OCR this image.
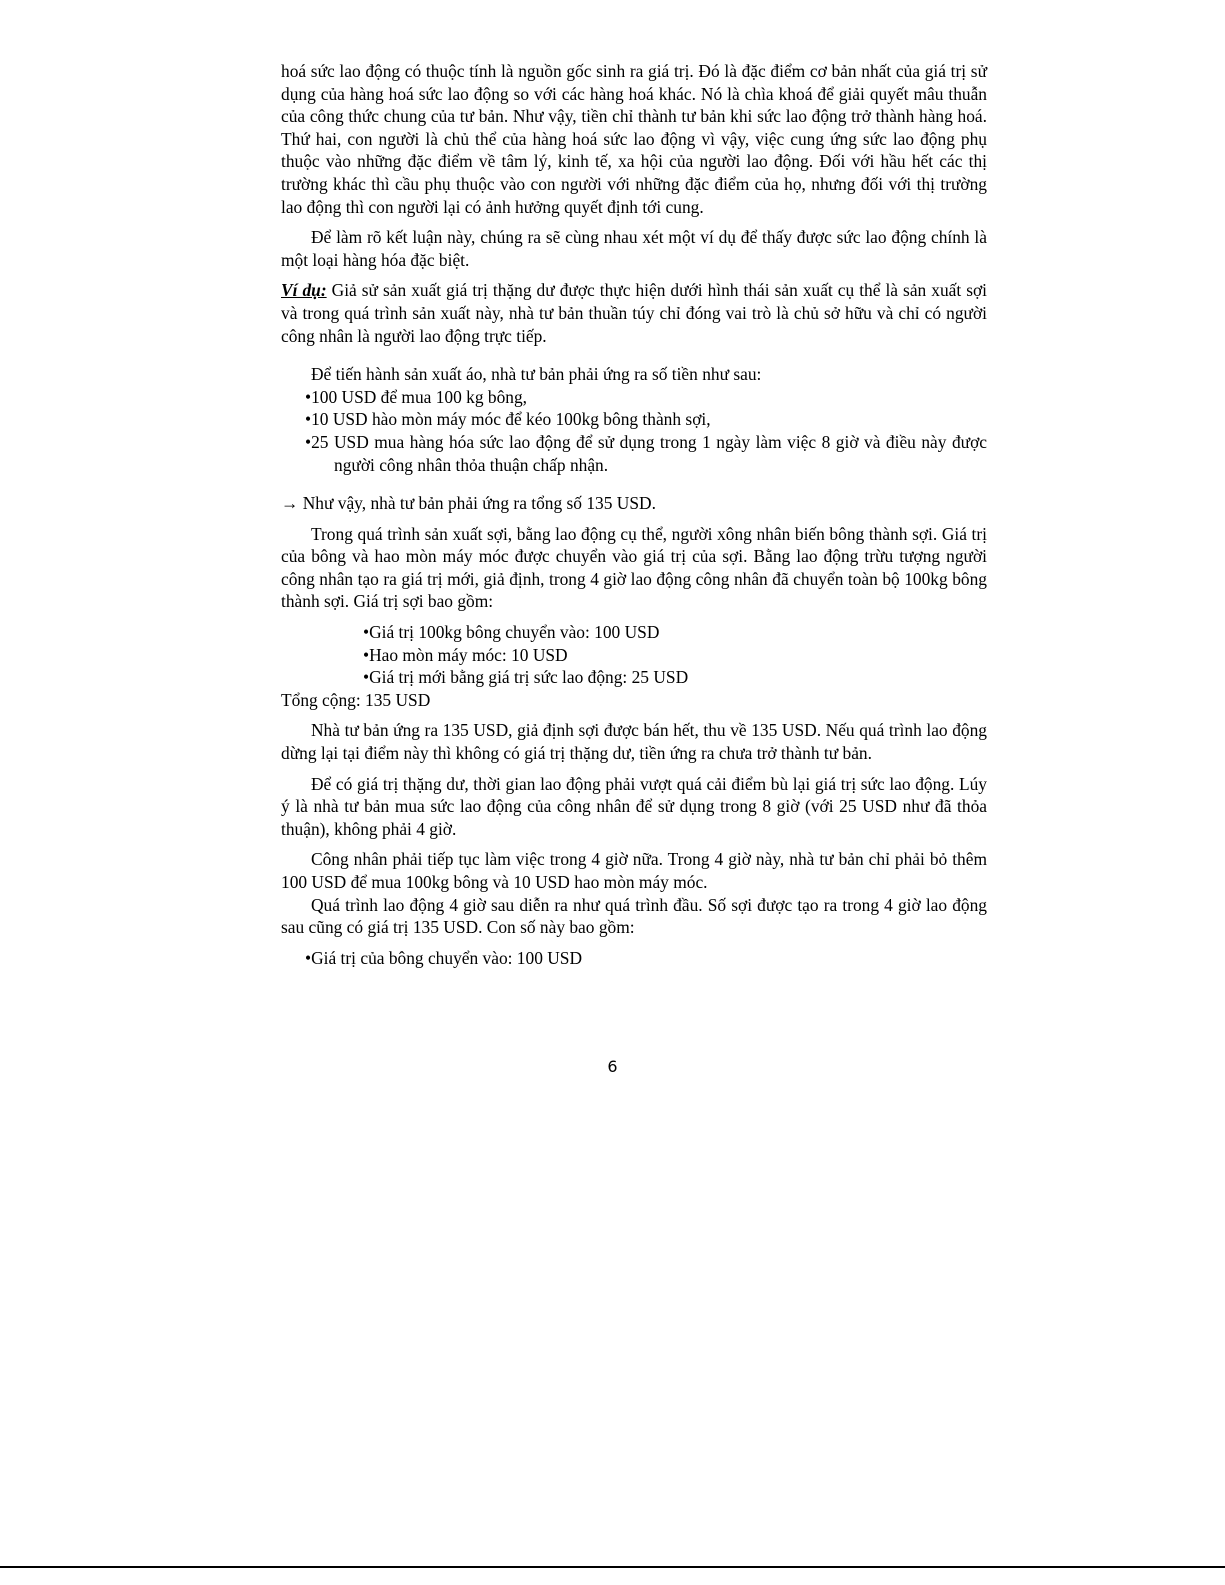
hoá sức lao động có thuộc tính là nguồn gốc sinh ra giá trị. Đó là đặc điểm cơ bản nhất của giá trị sử dụng của hàng hoá sức lao động so với các hàng hoá khác. Nó là chìa khoá để giải quyết mâu thuẫn của công thức chung của tư bản. Như vậy, tiền chỉ thành tư bản khi sức lao động trở thành hàng hoá. Thứ hai, con người là chủ thể của hàng hoá sức lao động vì vậy, việc cung ứng sức lao động phụ thuộc vào những đặc điểm về tâm lý, kinh tế, xa hội của người lao động. Đối với hầu hết các thị trường khác thì cầu phụ thuộc vào con người với những đặc điểm của họ, nhưng đối với thị trường lao động thì con người lại có ảnh hưởng quyết định tới cung.

Để làm rõ kết luận này, chúng ra sẽ cùng nhau xét một ví dụ để thấy được sức lao động chính là một loại hàng hóa đặc biệt.

Ví dụ: Giả sử sản xuất giá trị thặng dư được thực hiện dưới hình thái sản xuất cụ thể là sản xuất sợi và trong quá trình sản xuất này, nhà tư bản thuần túy chỉ đóng vai trò là chủ sở hữu và chỉ có người công nhân là người lao động trực tiếp.

Để tiến hành sản xuất áo, nhà tư bản phải ứng ra số tiền như sau:

•100 USD để mua 100 kg bông,
•10 USD hào mòn máy móc để kéo 100kg bông thành sợi,
•25 USD mua hàng hóa sức lao động để sử dụng trong 1 ngày làm việc 8 giờ và điều này được người công nhân thỏa thuận chấp nhận.

→ Như vậy, nhà tư bản phải ứng ra tổng số 135 USD.

Trong quá trình sản xuất sợi, bằng lao động cụ thể, người xông nhân biến bông thành sợi. Giá trị của bông và hao mòn máy móc được chuyển vào giá trị của sợi. Bằng lao động trừu tượng người công nhân tạo ra giá trị mới, giả định, trong 4 giờ lao động công nhân đã chuyển toàn bộ 100kg bông thành sợi. Giá trị sợi bao gồm:

•Giá trị 100kg bông chuyển vào: 100 USD
•Hao mòn máy móc: 10 USD
•Giá trị mới bằng giá trị sức lao động: 25 USD

Tổng cộng: 135 USD

Nhà tư bản ứng ra 135 USD, giả định sợi được bán hết, thu về 135 USD. Nếu quá trình lao động dừng lại tại điểm này thì không có giá trị thặng dư, tiền ứng ra chưa trở thành tư bản.

Để có giá trị thặng dư, thời gian lao động phải vượt quá cải điểm bù lại giá trị sức lao động. Lúy ý là nhà tư bản mua sức lao động của công nhân để sử dụng trong 8 giờ (với 25 USD như đã thỏa thuận), không phải 4 giờ.

Công nhân phải tiếp tục làm việc trong 4 giờ nữa. Trong 4 giờ này, nhà tư bản chỉ phải bỏ thêm 100 USD để mua 100kg bông và 10 USD hao mòn máy móc.

Quá trình lao động 4 giờ sau diễn ra như quá trình đầu. Số sợi được tạo ra trong 4 giờ lao động sau cũng có giá trị 135 USD. Con số này bao gồm:

•Giá trị của bông chuyển vào: 100 USD
6
